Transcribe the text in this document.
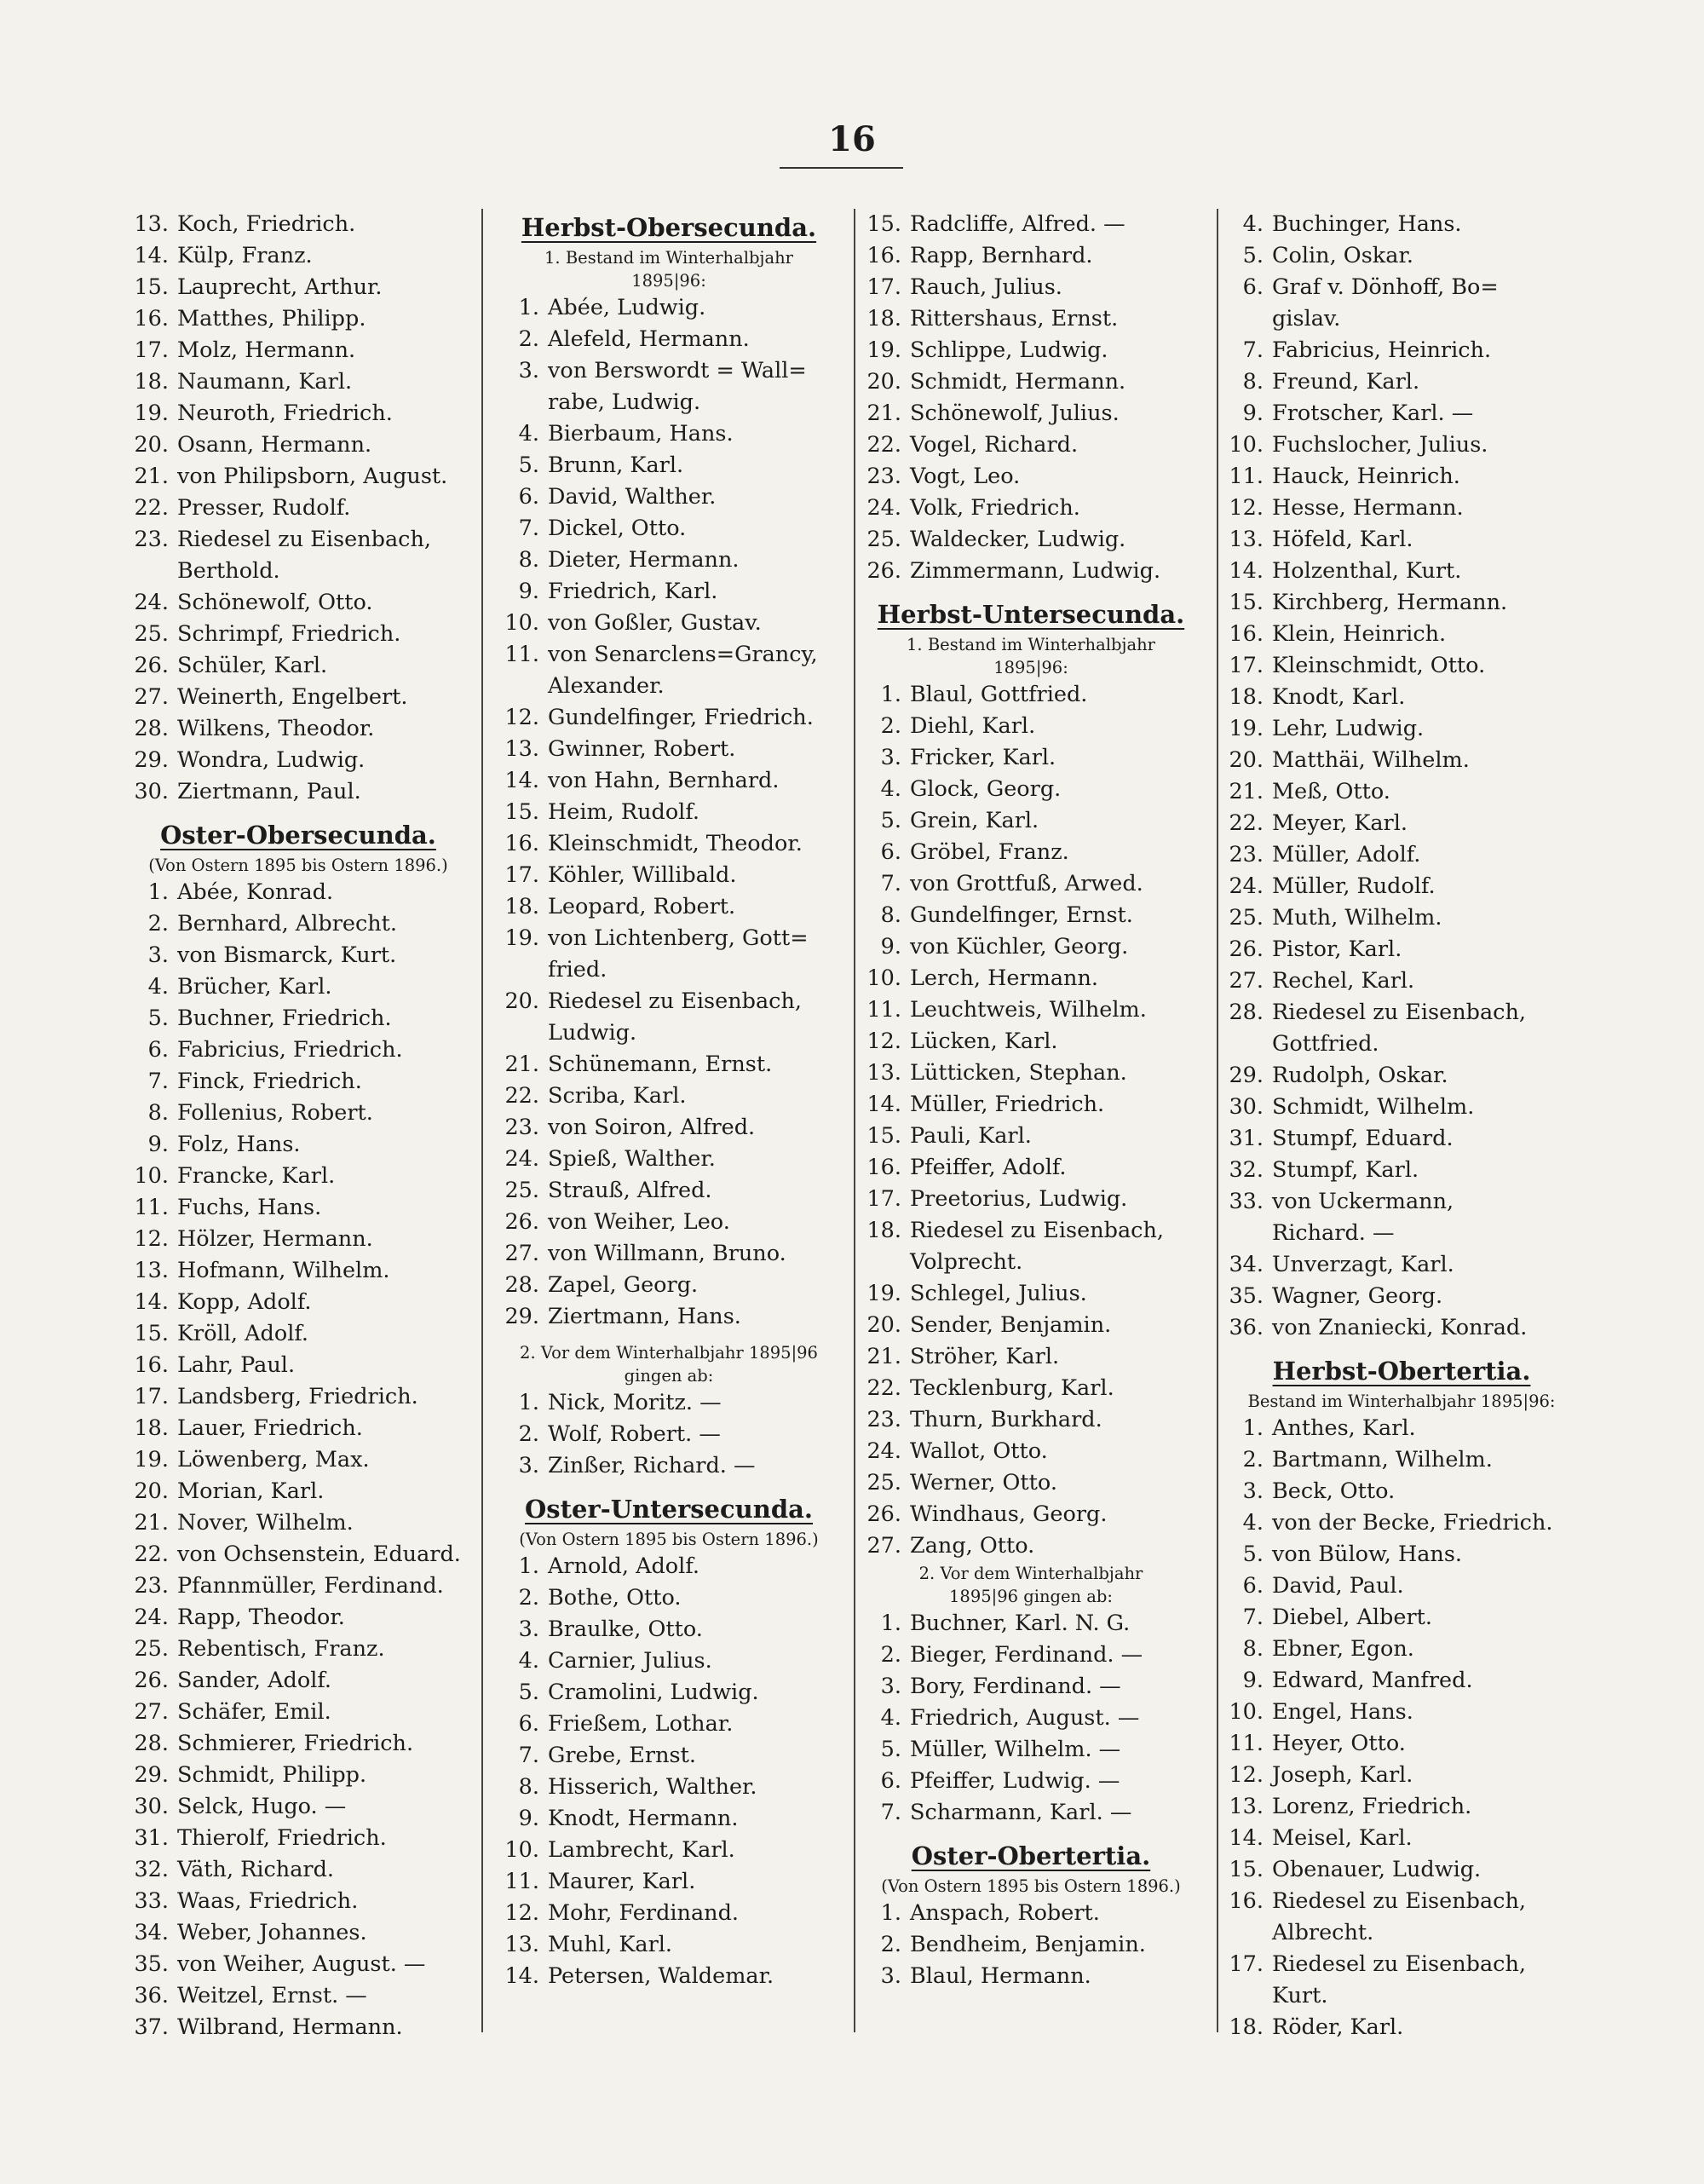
16
13. Koch, Friedrich.
14. Külp, Franz.
15. Lauprecht, Arthur.
16. Matthes, Philipp.
17. Molz, Hermann.
18. Naumann, Karl.
19. Neuroth, Friedrich.
20. Osann, Hermann.
21. von Philipsborn, August.
22. Presser, Rudolf.
23. Riedesel zu Eisenbach,
Berthold.
24. Schönewolf, Otto.
25. Schrimpf, Friedrich.
26. Schüler, Karl.
27. Weinerth, Engelbert.
28. Wilkens, Theodor.
29. Wondra, Ludwig.
30. Ziertmann, Paul.
Oster-Obersecunda.
(Von Ostern 1895 bis Ostern 1896.)
1. Abée, Konrad.
2. Bernhard, Albrecht.
3. von Bismarck, Kurt.
4. Brücher, Karl.
5. Buchner, Friedrich.
6. Fabricius, Friedrich.
7. Finck, Friedrich.
8. Follenius, Robert.
9. Folz, Hans.
10. Francke, Karl.
11. Fuchs, Hans.
12. Hölzer, Hermann.
13. Hofmann, Wilhelm.
14. Kopp, Adolf.
15. Kröll, Adolf.
16. Lahr, Paul.
17. Landsberg, Friedrich.
18. Lauer, Friedrich.
19. Löwenberg, Max.
20. Morian, Karl.
21. Nover, Wilhelm.
22. von Ochsenstein, Eduard.
23. Pfannmüller, Ferdinand.
24. Rapp, Theodor.
25. Rebentisch, Franz.
26. Sander, Adolf.
27. Schäfer, Emil.
28. Schmierer, Friedrich.
29. Schmidt, Philipp.
30. Selck, Hugo. —
31. Thierolf, Friedrich.
32. Väth, Richard.
33. Waas, Friedrich.
34. Weber, Johannes.
35. von Weiher, August. —
36. Weitzel, Ernst. —
37. Wilbrand, Hermann.
Herbst-Obersecunda.
1. Bestand im Winterhalbjahr
1895|96:
1. Abée, Ludwig.
2. Alefeld, Hermann.
3. von Berswordt = Wall=
rabe, Ludwig.
4. Bierbaum, Hans.
5. Brunn, Karl.
6. David, Walther.
7. Dickel, Otto.
8. Dieter, Hermann.
9. Friedrich, Karl.
10. von Goßler, Gustav.
11. von Senarclens=Grancy,
Alexander.
12. Gundelfinger, Friedrich.
13. Gwinner, Robert.
14. von Hahn, Bernhard.
15. Heim, Rudolf.
16. Kleinschmidt, Theodor.
17. Köhler, Willibald.
18. Leopard, Robert.
19. von Lichtenberg, Gott=
fried.
20. Riedesel zu Eisenbach,
Ludwig.
21. Schünemann, Ernst.
22. Scriba, Karl.
23. von Soiron, Alfred.
24. Spieß, Walther.
25. Strauß, Alfred.
26. von Weiher, Leo.
27. von Willmann, Bruno.
28. Zapel, Georg.
29. Ziertmann, Hans.
2. Vor dem Winterhalbjahr 1895|96
gingen ab:
1. Nick, Moritz. —
2. Wolf, Robert. —
3. Zinßer, Richard. —
Oster-Untersecunda.
(Von Ostern 1895 bis Ostern 1896.)
1. Arnold, Adolf.
2. Bothe, Otto.
3. Braulke, Otto.
4. Carnier, Julius.
5. Cramolini, Ludwig.
6. Frießem, Lothar.
7. Grebe, Ernst.
8. Hisserich, Walther.
9. Knodt, Hermann.
10. Lambrecht, Karl.
11. Maurer, Karl.
12. Mohr, Ferdinand.
13. Muhl, Karl.
14. Petersen, Waldemar.
15. Radcliffe, Alfred. —
16. Rapp, Bernhard.
17. Rauch, Julius.
18. Rittershaus, Ernst.
19. Schlippe, Ludwig.
20. Schmidt, Hermann.
21. Schönewolf, Julius.
22. Vogel, Richard.
23. Vogt, Leo.
24. Volk, Friedrich.
25. Waldecker, Ludwig.
26. Zimmermann, Ludwig.
Herbst-Untersecunda.
1. Bestand im Winterhalbjahr
1895|96:
1. Blaul, Gottfried.
2. Diehl, Karl.
3. Fricker, Karl.
4. Glock, Georg.
5. Grein, Karl.
6. Gröbel, Franz.
7. von Grottfuß, Arwed.
8. Gundelfinger, Ernst.
9. von Küchler, Georg.
10. Lerch, Hermann.
11. Leuchtweis, Wilhelm.
12. Lücken, Karl.
13. Lütticken, Stephan.
14. Müller, Friedrich.
15. Pauli, Karl.
16. Pfeiffer, Adolf.
17. Preetorius, Ludwig.
18. Riedesel zu Eisenbach,
Volprecht.
19. Schlegel, Julius.
20. Sender, Benjamin.
21. Ströher, Karl.
22. Tecklenburg, Karl.
23. Thurn, Burkhard.
24. Wallot, Otto.
25. Werner, Otto.
26. Windhaus, Georg.
27. Zang, Otto.
2. Vor dem Winterhalbjahr
1895|96 gingen ab:
1. Buchner, Karl. N. G.
2. Bieger, Ferdinand. —
3. Bory, Ferdinand. —
4. Friedrich, August. —
5. Müller, Wilhelm. —
6. Pfeiffer, Ludwig. —
7. Scharmann, Karl. —
Oster-Obertertia.
(Von Ostern 1895 bis Ostern 1896.)
1. Anspach, Robert.
2. Bendheim, Benjamin.
3. Blaul, Hermann.
4. Buchinger, Hans.
5. Colin, Oskar.
6. Graf v. Dönhoff, Bo=
gislav.
7. Fabricius, Heinrich.
8. Freund, Karl.
9. Frotscher, Karl. —
10. Fuchslocher, Julius.
11. Hauck, Heinrich.
12. Hesse, Hermann.
13. Höfeld, Karl.
14. Holzenthal, Kurt.
15. Kirchberg, Hermann.
16. Klein, Heinrich.
17. Kleinschmidt, Otto.
18. Knodt, Karl.
19. Lehr, Ludwig.
20. Matthäi, Wilhelm.
21. Meß, Otto.
22. Meyer, Karl.
23. Müller, Adolf.
24. Müller, Rudolf.
25. Muth, Wilhelm.
26. Pistor, Karl.
27. Rechel, Karl.
28. Riedesel zu Eisenbach,
Gottfried.
29. Rudolph, Oskar.
30. Schmidt, Wilhelm.
31. Stumpf, Eduard.
32. Stumpf, Karl.
33. von Uckermann,
Richard. —
34. Unverzagt, Karl.
35. Wagner, Georg.
36. von Znaniecki, Konrad.
Herbst-Obertertia.
Bestand im Winterhalbjahr 1895|96:
1. Anthes, Karl.
2. Bartmann, Wilhelm.
3. Beck, Otto.
4. von der Becke, Friedrich.
5. von Bülow, Hans.
6. David, Paul.
7. Diebel, Albert.
8. Ebner, Egon.
9. Edward, Manfred.
10. Engel, Hans.
11. Heyer, Otto.
12. Joseph, Karl.
13. Lorenz, Friedrich.
14. Meisel, Karl.
15. Obenauer, Ludwig.
16. Riedesel zu Eisenbach,
Albrecht.
17. Riedesel zu Eisenbach,
Kurt.
18. Röder, Karl.
